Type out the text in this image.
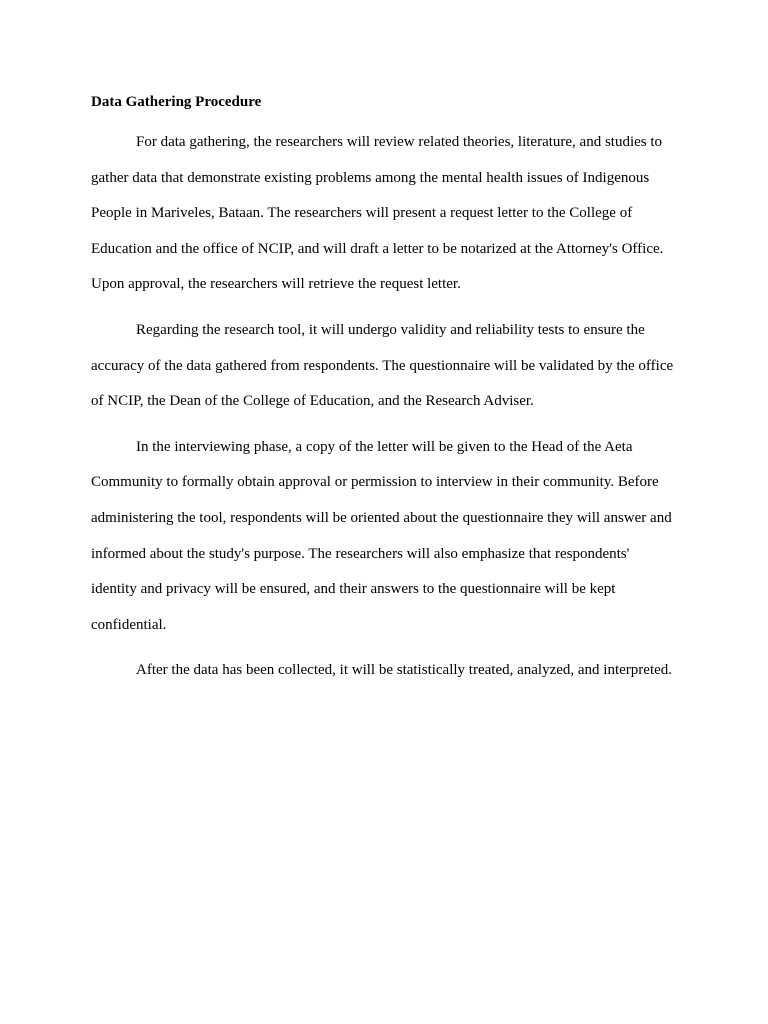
Data Gathering Procedure
For data gathering, the researchers will review related theories, literature, and studies to
gather data that demonstrate existing problems among the mental health issues of Indigenous
People in Mariveles, Bataan. The researchers will present a request letter to the College of
Education and the office of NCIP, and will draft a letter to be notarized at the Attorney's Office.
Upon approval, the researchers will retrieve the request letter.
Regarding the research tool, it will undergo validity and reliability tests to ensure the
accuracy of the data gathered from respondents. The questionnaire will be validated by the office
of NCIP, the Dean of the College of Education, and the Research Adviser.
In the interviewing phase, a copy of the letter will be given to the Head of the Aeta
Community to formally obtain approval or permission to interview in their community. Before
administering the tool, respondents will be oriented about the questionnaire they will answer and
informed about the study's purpose. The researchers will also emphasize that respondents'
identity and privacy will be ensured, and their answers to the questionnaire will be kept
confidential.
After the data has been collected, it will be statistically treated, analyzed, and interpreted.
